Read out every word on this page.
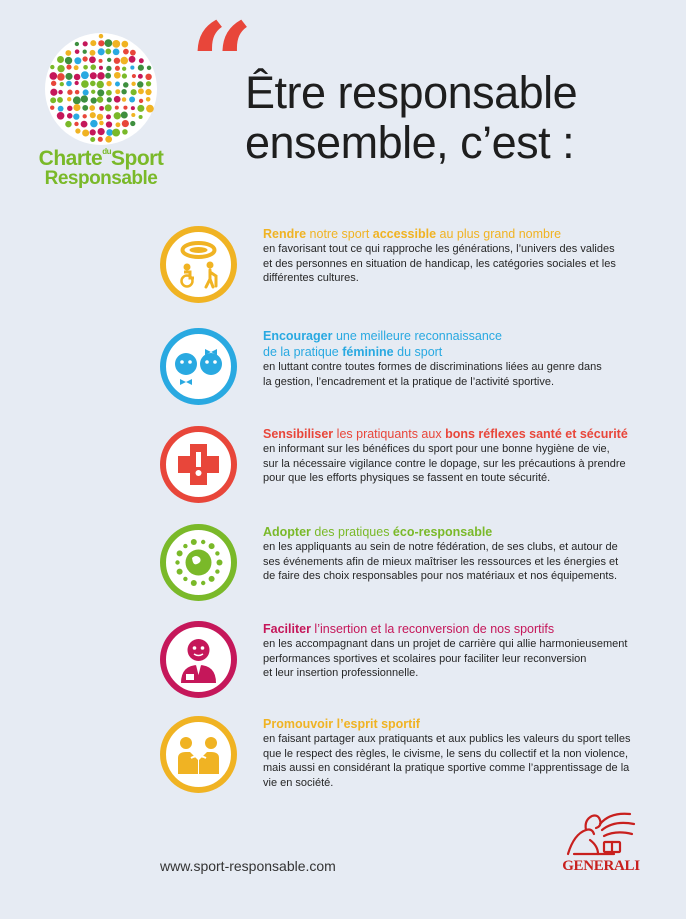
Charte$^{du}$Sport
Responsable
“
Être responsable
ensemble, c’est :
Rendre notre sport accessible au plus grand nombre
en favorisant tout ce qui rapproche les générations, l’univers des valides
et des personnes en situation de handicap, les catégories sociales et les
différentes cultures.
Encourager une meilleure reconnaissance
de la pratique féminine du sport
en luttant contre toutes formes de discriminations liées au genre dans
la gestion, l’encadrement et la pratique de l’activité sportive.
Sensibiliser les pratiquants aux bons réflexes santé et sécurité
en informant sur les bénéfices du sport pour une bonne hygiène de vie,
sur la nécessaire vigilance contre le dopage, sur les précautions à prendre
pour que les efforts physiques se fassent en toute sécurité.
Adopter des pratiques éco-responsable
en les appliquants au sein de notre fédération, de ses clubs, et autour de
ses événements afin de mieux maîtriser les ressources et les énergies et
de faire des choix responsables pour nos matériaux et nos équipements.
Faciliter l’insertion et la reconversion de nos sportifs
en les accompagnant dans un projet de carrière qui allie harmonieusement
performances sportives et scolaires pour faciliter leur reconversion
et leur insertion professionnelle.
Promouvoir l’esprit sportif
en faisant partager aux pratiquants et aux publics les valeurs du sport telles
que le respect des règles, le civisme, le sens du collectif et la non violence,
mais aussi en considérant la pratique sportive comme l’apprentissage de la
vie en société.
www.sport-responsable.com	GENERALI
